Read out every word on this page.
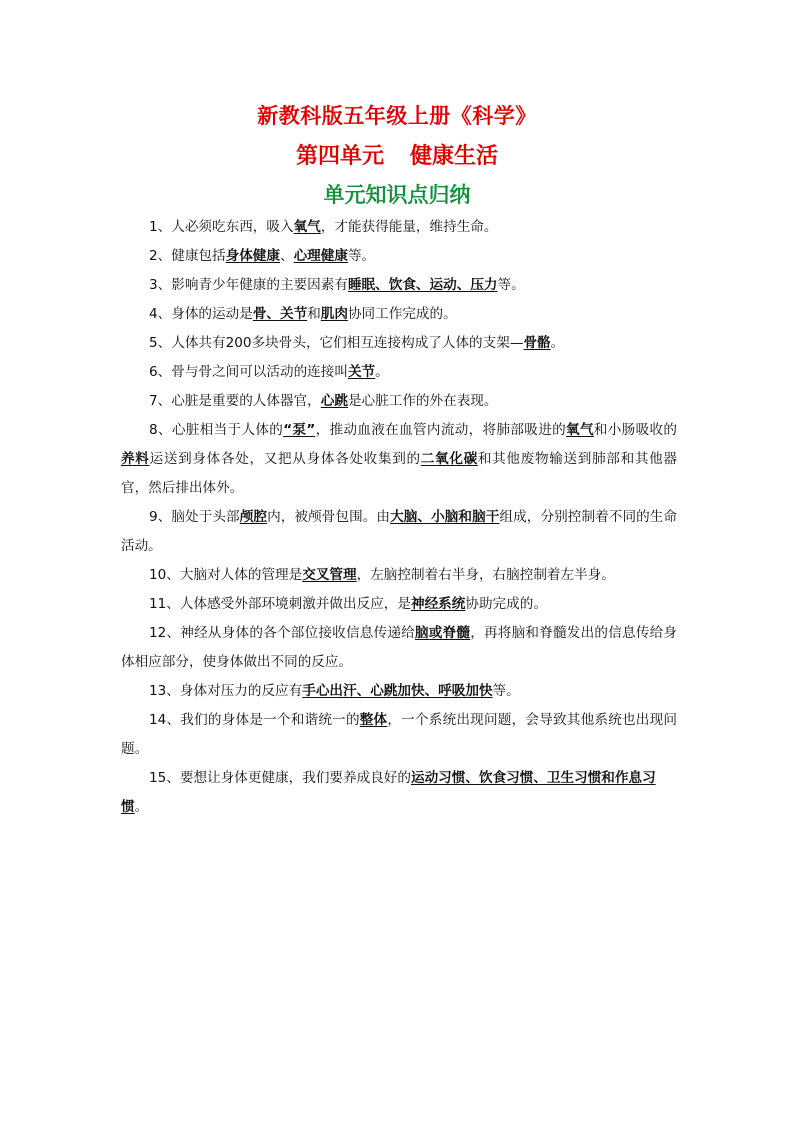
新教科版五年级上册《科学》
第四单元 健康生活
单元知识点归纳

1、人必须吃东西，吸入氧气，才能获得能量，维持生命。

2、健康包括身体健康、心理健康等。

3、影响青少年健康的主要因素有睡眠、饮食、运动、压力等。

4、身体的运动是骨、关节和肌肉协同工作完成的。

5、人体共有200多块骨头，它们相互连接构成了人体的支架—骨骼。

6、骨与骨之间可以活动的连接叫关节。

7、心脏是重要的人体器官，心跳是心脏工作的外在表现。

8、心脏相当于人体的“泵”，推动血液在血管内流动，将肺部吸进的氧气和小肠吸收的养料运送到身体各处，又把从身体各处收集到的二氧化碳和其他废物输送到肺部和其他器官，然后排出体外。

9、脑处于头部颅腔内，被颅骨包围。由大脑、小脑和脑干组成，分别控制着不同的生命活动。

10、大脑对人体的管理是交叉管理，左脑控制着右半身，右脑控制着左半身。

11、人体感受外部环境刺激并做出反应，是神经系统协助完成的。

12、神经从身体的各个部位接收信息传递给脑或脊髓，再将脑和脊髓发出的信息传给身体相应部分，使身体做出不同的反应。

13、身体对压力的反应有手心出汗、心跳加快、呼吸加快等。

14、我们的身体是一个和谐统一的整体，一个系统出现问题，会导致其他系统也出现问题。

15、要想让身体更健康，我们要养成良好的运动习惯、饮食习惯、卫生习惯和作息习惯。
